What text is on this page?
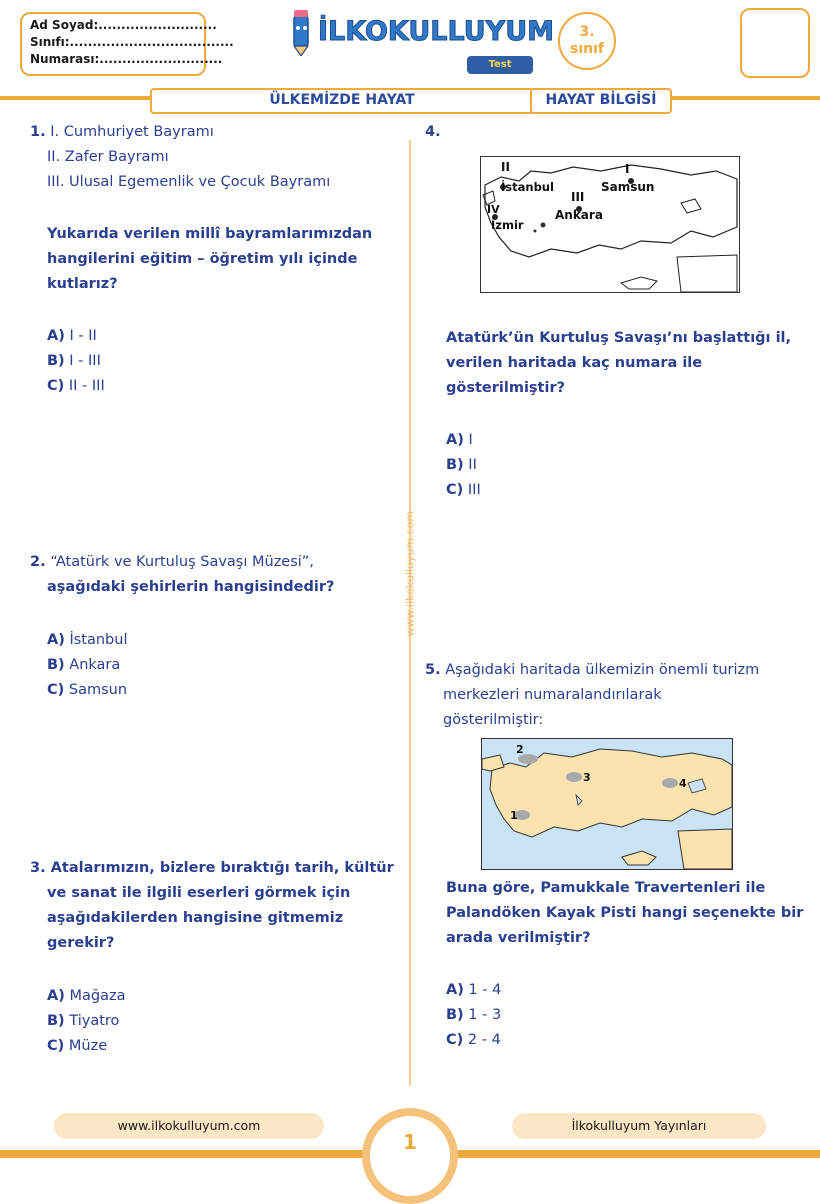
Ad Soyad:..........................
Sınıfı:....................................
Numarası:...........................
İLKOKULLUYUM
Test
3.
sınıf
ÜLKEMİZDE HAYAT	HAYAT BİLGİSİ
www.ilkokulluyum.com
1. I. Cumhuriyet Bayramı
II. Zafer Bayramı
III. Ulusal Egemenlik ve Çocuk Bayramı
Yukarıda verilen millî bayramlarımızdan
hangilerini eğitim – öğretim yılı içinde
kutlarız?
A) I - II
B) I - III
C) II - III
2. “Atatürk ve Kurtuluş Savaşı Müzesi”,
aşağıdaki şehirlerin hangisindedir?
A) İstanbul
B) Ankara
C) Samsun
3. Atalarımızın, bizlere bıraktığı tarih, kültür
ve sanat ile ilgili eserleri görmek için
aşağıdakilerden hangisine gitmemiz
gerekir?
A) Mağaza
B) Tiyatro
C) Müze
4.
II
İstanbul
I
Samsun
III
Ankara
IV
İzmir
Atatürk’ün Kurtuluş Savaşı’nı başlattığı il,
verilen haritada kaç numara ile
gösterilmiştir?
A) I
B) II
C) III
5. Aşağıdaki haritada ülkemizin önemli turizm
merkezleri numaralandırılarak
gösterilmiştir:
2
1
3	4
Buna göre, Pamukkale Travertenleri ile
Palandöken Kayak Pisti hangi seçenekte bir
arada verilmiştir?
A) 1 - 4
B) 1 - 3
C) 2 - 4
www.ilkokulluyum.com	İlkokulluyum Yayınları
1
